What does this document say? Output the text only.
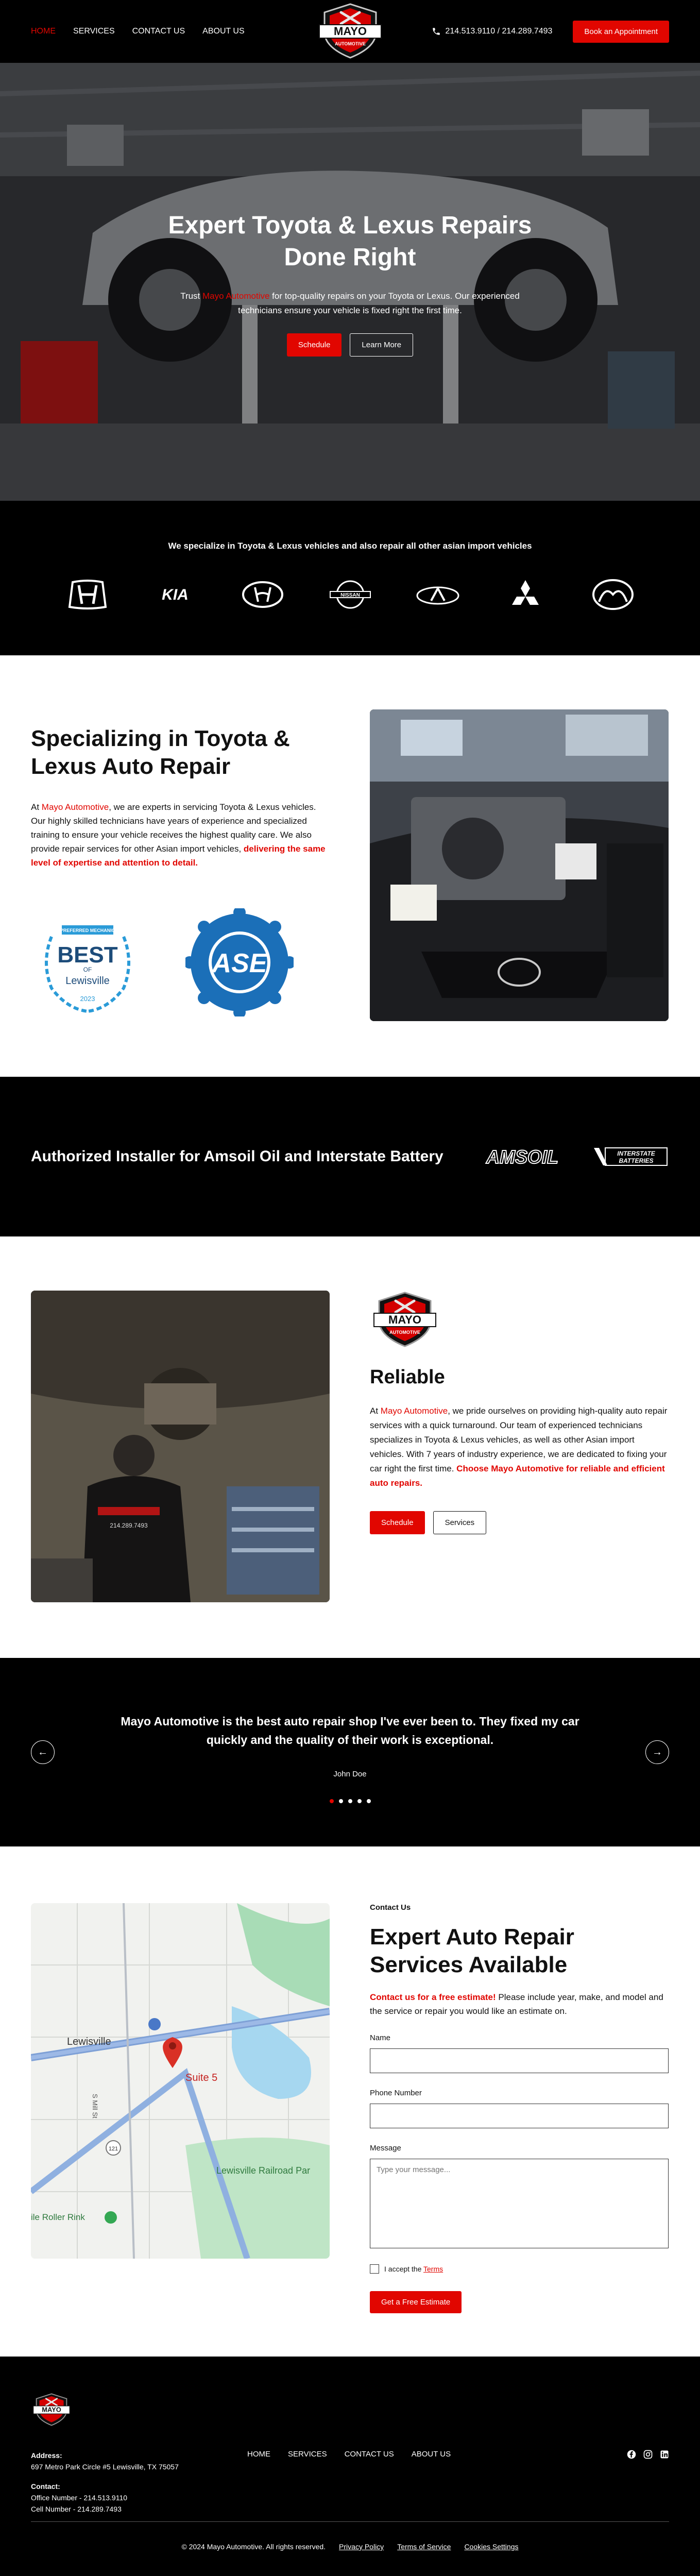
HOME SERVICES CONTACT US ABOUT US	MAYO
AUTOMOTIVE
214.513.9110 / 214.289.7493	Book an Appointment
Expert Toyota & Lexus Repairs Done Right

Trust Mayo Automotive for top-quality repairs on your Toyota or Lexus. Our experienced technicians ensure your vehicle is fixed right the first time.

Schedule	Learn More
We specialize in Toyota & Lexus vehicles and also repair all other asian import vehicles
KIA	NISSAN
Specializing in Toyota & Lexus Auto Repair

At Mayo Automotive, we are experts in servicing Toyota & Lexus vehicles. Our highly skilled technicians have years of experience and specialized training to ensure your vehicle receives the highest quality care. We also provide repair services for other Asian import vehicles, delivering the same level of expertise and attention to detail.

PREFERRED MECHANIC
BEST
OF
Lewisville
2023
ASE
Authorized Installer for Amsoil Oil and Interstate Battery AMSOIL	INTERSTATE
BATTERIES
214.289.7493
MAYO
AUTOMOTIVE
Reliable

At Mayo Automotive, we pride ourselves on providing high-quality auto repair services with a quick turnaround. Our team of experienced technicians specializes in Toyota & Lexus vehicles, as well as other Asian import vehicles. With 7 years of industry experience, we are dedicated to fixing your car right the first time. Choose Mayo Automotive for reliable and efficient auto repairs.

Schedule	Services
←	→

Mayo Automotive is the best auto repair shop I've ever been to. They fixed my car quickly and the quality of their work is exceptional.

John Doe
Lewisville
S Mill St
121
Suite 5
Lewisville Railroad Par
ile Roller Rink
Contact Us
Expert Auto Repair Services Available

Contact us for a free estimate! Please include year, make, and model and the service or repair you would like an estimate on.

Name
Phone Number
Message
Type your message...
I accept the Terms
Get a Free Estimate
MAYO
Address:
697 Metro Park Circle #5 Lewisville, TX 75057
Contact:
Office Number - 214.513.9110
Cell Number - 214.289.7493
HOME SERVICES CONTACT US ABOUT US
© 2024 Mayo Automotive. All rights reserved. Privacy Policy Terms of Service Cookies Settings
